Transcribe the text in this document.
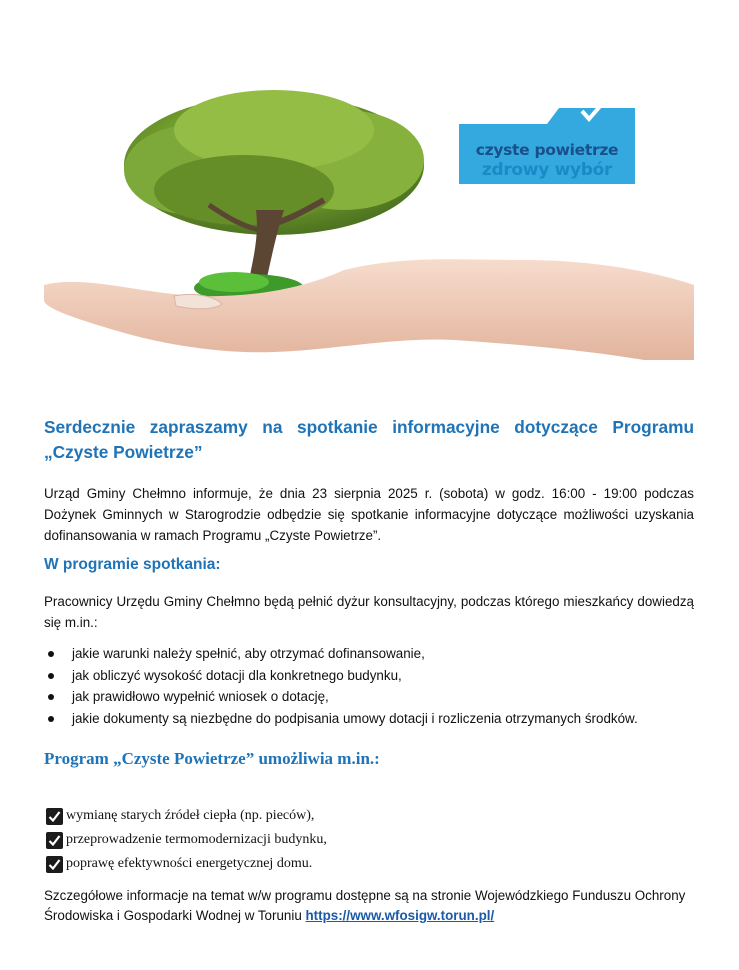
czyste powietrze
zdrowy wybór
Serdecznie zapraszamy na spotkanie informacyjne dotyczące Programu „Czyste Powietrze”
Urząd Gminy Chełmno informuje, że dnia 23 sierpnia 2025 r. (sobota) w godz. 16:00 - 19:00 podczas Dożynek Gminnych w Starogrodzie odbędzie się spotkanie informacyjne dotyczące możliwości uzyskania dofinansowania w ramach Programu „Czyste Powietrze”.
W programie spotkania:
Pracownicy Urzędu Gminy Chełmno będą pełnić dyżur konsultacyjny, podczas którego mieszkańcy dowiedzą się m.in.:
jakie warunki należy spełnić, aby otrzymać dofinansowanie,
jak obliczyć wysokość dotacji dla konkretnego budynku,
jak prawidłowo wypełnić wniosek o dotację,
jakie dokumenty są niezbędne do podpisania umowy dotacji i rozliczenia otrzymanych środków.
Program „Czyste Powietrze” umożliwia m.in.:
wymianę starych źródeł ciepła (np. pieców),
przeprowadzenie termomodernizacji budynku,
poprawę efektywności energetycznej domu.
Szczegółowe informacje na temat w/w programu dostępne są na stronie Wojewódzkiego Funduszu Ochrony Środowiska i Gospodarki Wodnej w Toruniu https://www.wfosigw.torun.pl/
